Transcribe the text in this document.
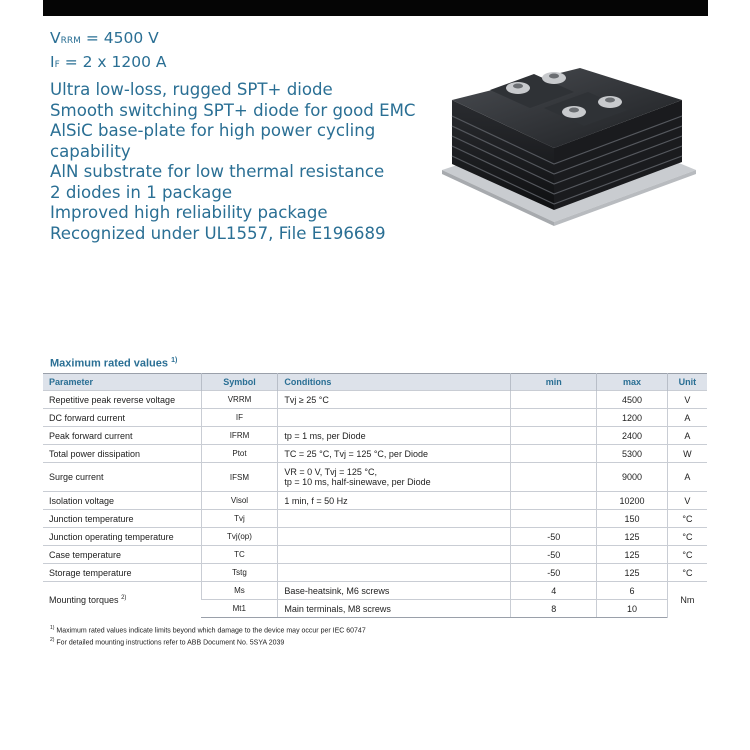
VRRM = 4500 V
IF = 2 x 1200 A
Ultra low-loss, rugged SPT+ diode
Smooth switching SPT+ diode for good EMC
AlSiC base-plate for high power cycling
capability
AlN substrate for low thermal resistance
2 diodes in 1 package
Improved high reliability package
Recognized under UL1557, File E196689
Maximum rated values $^{1)}$
Parameter	Symbol	Conditions	min	max	Unit
Repetitive peak reverse voltage	VRRM	Tvj ≥ 25 °C		4500	V
DC forward current	IF			1200	A
Peak forward current	IFRM	tp = 1 ms, per Diode		2400	A
Total power dissipation	Ptot	TC = 25 °C, Tvj = 125 °C, per Diode		5300	W
Surge current	IFSM	VR = 0 V, Tvj = 125 °C,
tp = 10 ms, half-sinewave, per Diode		9000	A
Isolation voltage	Visol	1 min, f = 50 Hz		10200	V
Junction temperature	Tvj			150	°C
Junction operating temperature	Tvj(op)		-50	125	°C
Case temperature	TC		-50	125	°C
Storage temperature	Tstg		-50	125	°C
Mounting torques $^{2)}$	Ms	Base-heatsink, M6 screws	4	6	Nm
	Mt1	Main terminals, M8 screws	8	10	
$^{1)}$ Maximum rated values indicate limits beyond which damage to the device may occur per IEC 60747
$^{2)}$ For detailed mounting instructions refer to ABB Document No. 5SYA 2039
